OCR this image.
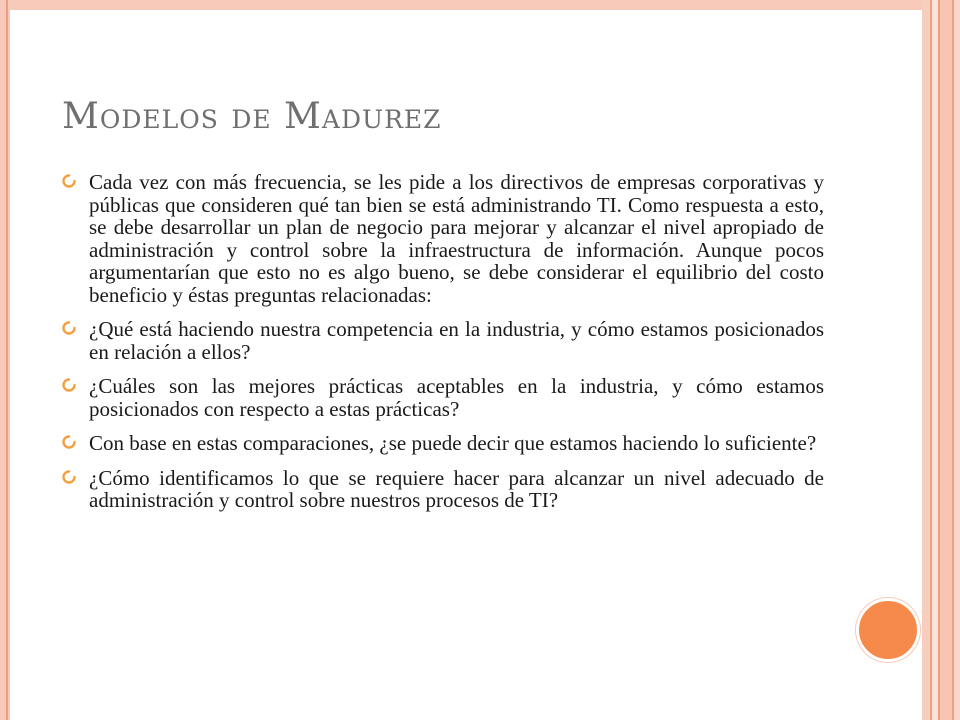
Modelos de Madurez
Cada vez con más frecuencia, se les pide a los directivos de empresas corporativas y públicas que consideren qué tan bien se está administrando TI. Como respuesta a esto, se debe desarrollar un plan de negocio para mejorar y alcanzar el nivel apropiado de administración y control sobre la infraestructura de información. Aunque pocos argumentarían que esto no es algo bueno, se debe considerar el equilibrio del costo beneficio y éstas preguntas relacionadas:
¿Qué está haciendo nuestra competencia en la industria, y cómo estamos posicionados en relación a ellos?
¿Cuáles son las mejores prácticas aceptables en la industria, y cómo estamos posicionados con respecto a estas prácticas?
Con base en estas comparaciones, ¿se puede decir que estamos haciendo lo suficiente?
¿Cómo identificamos lo que se requiere hacer para alcanzar un nivel adecuado de administración y control sobre nuestros procesos de TI?
